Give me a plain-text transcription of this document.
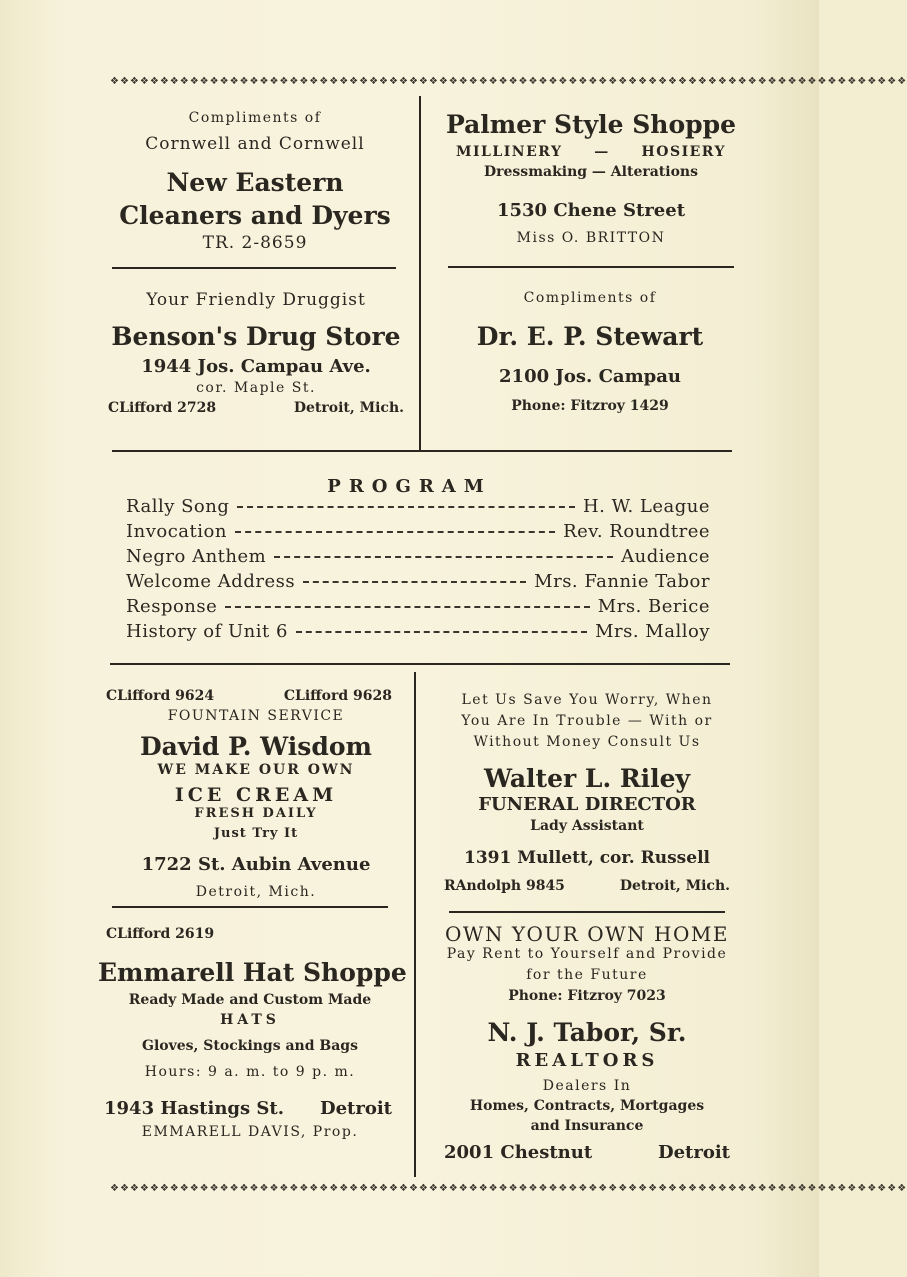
❖❖❖❖❖❖❖❖❖❖❖❖❖❖❖❖❖❖❖❖❖❖❖❖❖❖❖❖❖❖❖❖❖❖❖❖❖❖❖❖❖❖❖❖❖❖❖❖❖❖❖❖❖❖❖❖❖❖❖❖❖❖❖❖❖❖❖❖❖❖❖❖❖❖❖❖❖❖❖❖
❖❖❖❖❖❖❖❖❖❖❖❖❖❖❖❖❖❖❖❖❖❖❖❖❖❖❖❖❖❖❖❖❖❖❖❖❖❖❖❖❖❖❖❖❖❖❖❖❖❖❖❖❖❖❖❖❖❖❖❖❖❖❖❖❖❖❖❖❖❖❖❖❖❖❖❖❖❖❖❖
Compliments of
Cornwell and Cornwell
New Eastern
Cleaners and Dyers
TR. 2-8659
Palmer Style Shoppe
MILLINERY — HOSIERY
Dressmaking — Alterations
1530 Chene Street
Miss O. BRITTON
Your Friendly Druggist
Benson's Drug Store
1944 Jos. Campau Ave.
cor. Maple St.
CLifford 2728	Detroit, Mich.
Compliments of
Dr. E. P. Stewart
2100 Jos. Campau
Phone: Fitzroy 1429
PROGRAM
Rally Song	H. W. League
Invocation	Rev. Roundtree
Negro Anthem	Audience
Welcome Address	Mrs. Fannie Tabor
Response	Mrs. Berice
History of Unit 6	Mrs. Malloy
CLifford 9624	CLifford 9628
FOUNTAIN SERVICE
David P. Wisdom
WE MAKE OUR OWN
ICE CREAM
FRESH DAILY
Just Try It
1722 St. Aubin Avenue
Detroit, Mich.
Let Us Save You Worry, When
You Are In Trouble — With or
Without Money Consult Us
Walter L. Riley
FUNERAL DIRECTOR
Lady Assistant
1391 Mullett, cor. Russell
RAndolph 9845	Detroit, Mich.
CLifford 2619
Emmarell Hat Shoppe
Ready Made and Custom Made
HATS
Gloves, Stockings and Bags
Hours: 9 a. m. to 9 p. m.
1943 Hastings St. Detroit
EMMARELL DAVIS, Prop.
OWN YOUR OWN HOME
Pay Rent to Yourself and Provide
for the Future
Phone: Fitzroy 7023
N. J. Tabor, Sr.
REALTORS
Dealers In
Homes, Contracts, Mortgages
and Insurance
2001 Chestnut	Detroit
